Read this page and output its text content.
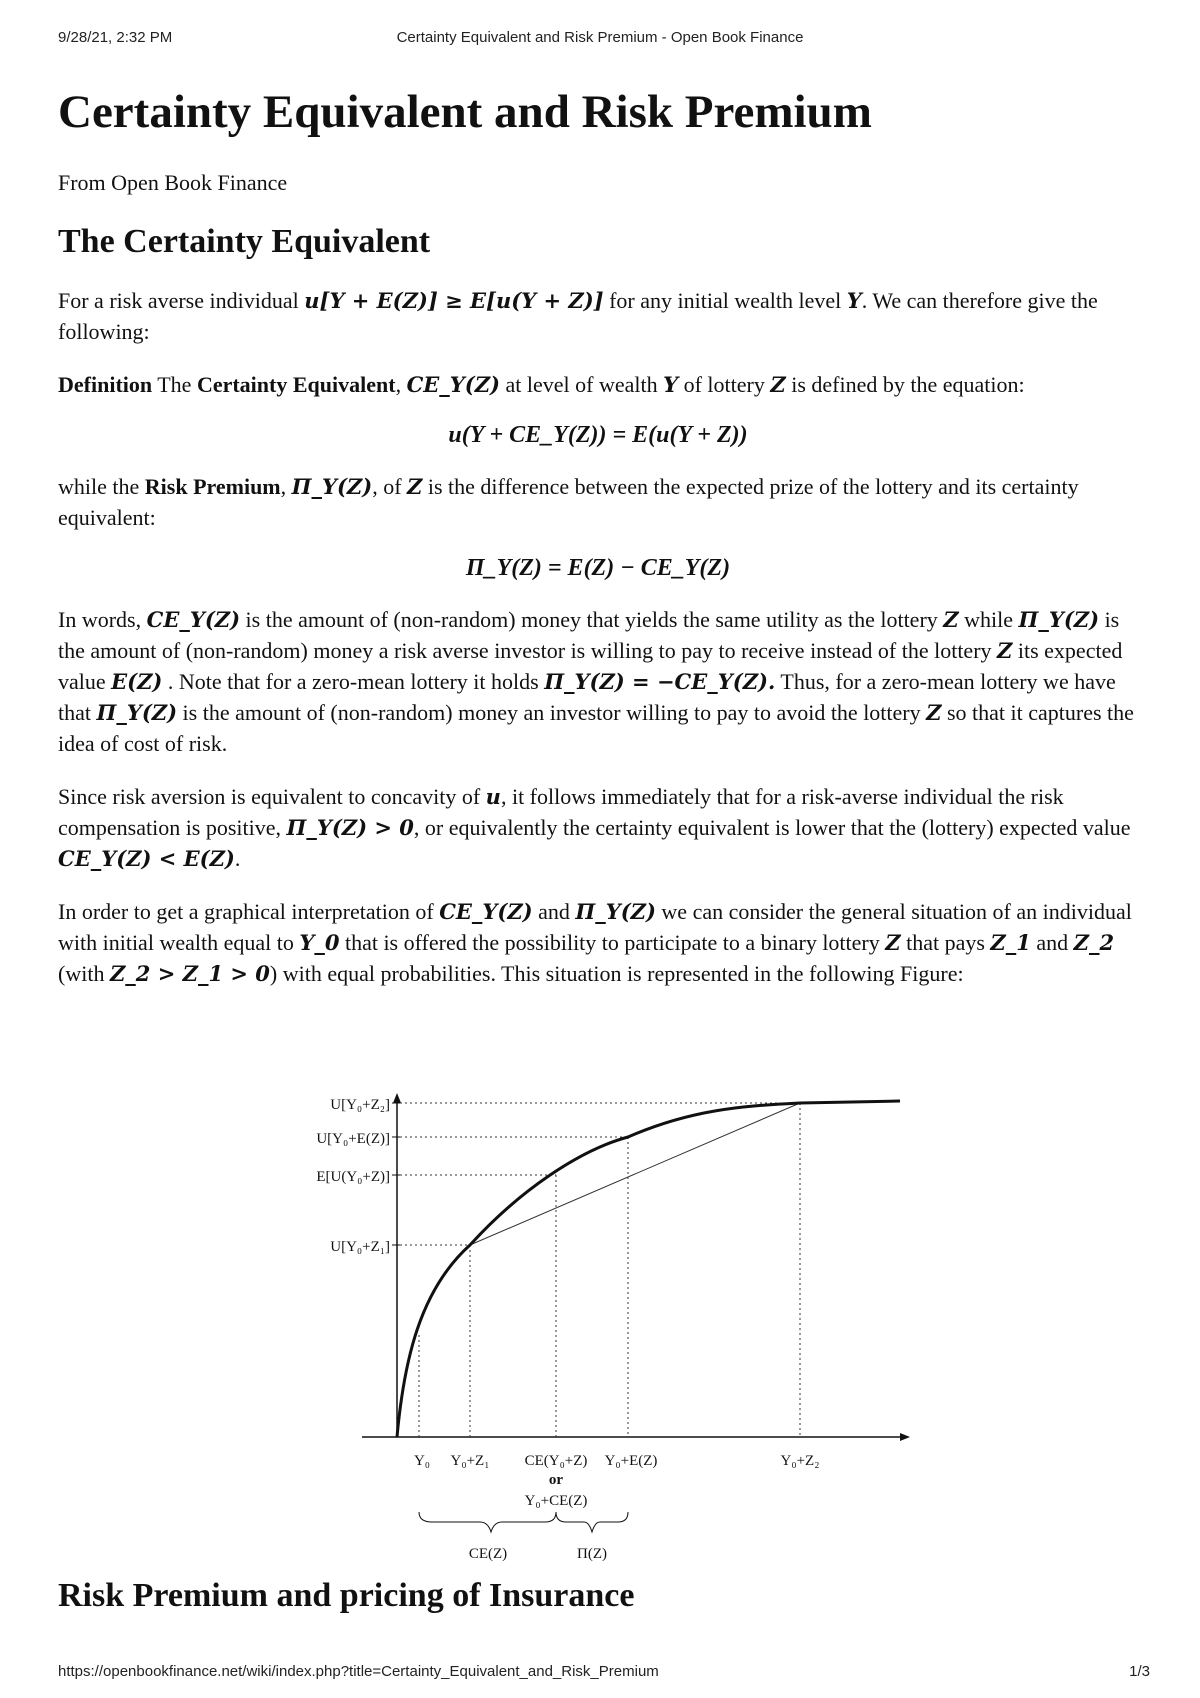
9/28/21, 2:32 PM	Certainty Equivalent and Risk Premium - Open Book Finance
Certainty Equivalent and Risk Premium
From Open Book Finance
The Certainty Equivalent

For a risk averse individual u[Y + E(Z)] ≥ E[u(Y + Z)] for any initial wealth level Y. We can therefore give the following:

Definition The Certainty Equivalent, CE_Y(Z) at level of wealth Y of lottery Z is defined by the equation:

u(Y + CE_Y(Z)) = E(u(Y + Z))

while the Risk Premium, Π_Y(Z), of Z is the difference between the expected prize of the lottery and its certainty equivalent:

Π_Y(Z) = E(Z) − CE_Y(Z)

In words, CE_Y(Z) is the amount of (non-random) money that yields the same utility as the lottery Z while Π_Y(Z) is the amount of (non-random) money a risk averse investor is willing to pay to receive instead of the lottery Z its expected value E(Z) . Note that for a zero-mean lottery it holds Π_Y(Z) = −CE_Y(Z). Thus, for a zero-mean lottery we have that Π_Y(Z) is the amount of (non-random) money an investor willing to pay to avoid the lottery Z so that it captures the idea of cost of risk.

Since risk aversion is equivalent to concavity of u, it follows immediately that for a risk-averse individual the risk compensation is positive, Π_Y(Z) > 0, or equivalently the certainty equivalent is lower that the (lottery) expected value CE_Y(Z) < E(Z).

In order to get a graphical interpretation of CE_Y(Z) and Π_Y(Z) we can consider the general situation of an individual with initial wealth equal to Y_0 that is offered the possibility to participate to a binary lottery Z that pays Z_1 and Z_2 (with Z_2 > Z_1 > 0) with equal probabilities. This situation is represented in the following Figure:

U[Y₀+Z₂]
U[Y₀+E(Z)]
E[U(Y₀+Z)]
U[Y₀+Z₁]
Y₀ Y₀+Z₁ CE(Y₀+Z) Y₀+E(Z)	Y₀+Z₂
or
Y₀+CE(Z)
CE(Z)	Π(Z)
Risk Premium and pricing of Insurance
https://openbookfinance.net/wiki/index.php?title=Certainty_Equivalent_and_Risk_Premium	1/3
